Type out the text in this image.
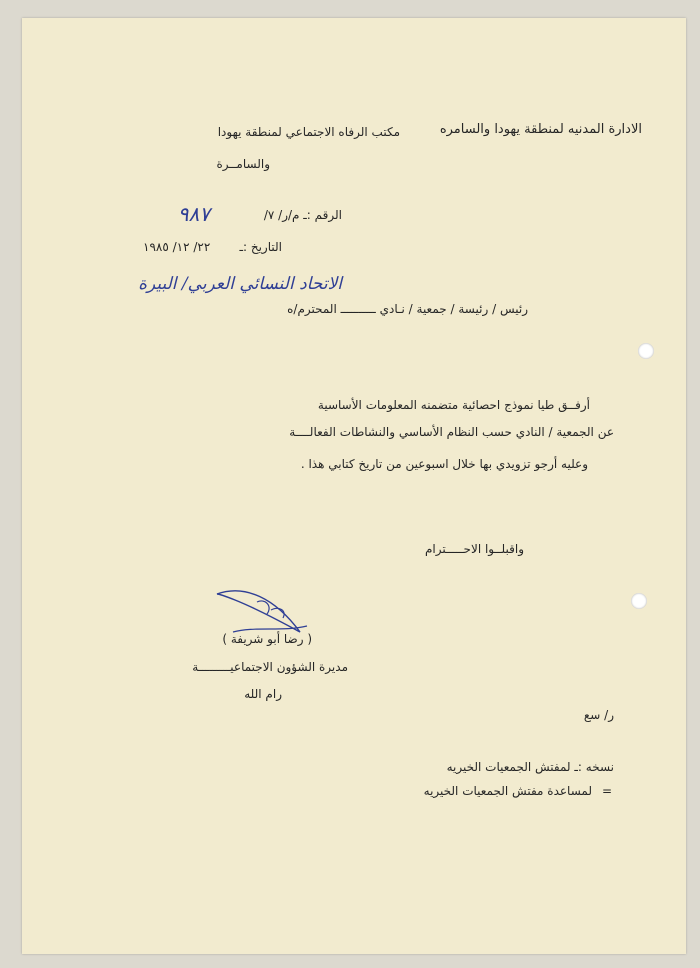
الادارة المدنيه لمنطقة يهودا والسامره
مكتب الرفاه الاجتماعي لمنطقة يهودا
والسامــرة
٩٨٧	الرقم :ـ م/ر/ ٧/
التاريخ :ـ
٢٢/ ١٢/ ١٩٨٥
الاتحاد النسائي العربي/ البيرة
رئيس / رئيسة / جمعية / نـادي ــــــــــ المحترم/ه
أرفــق طيا نموذج احصائية متضمنه المعلومات الأساسية
عن الجمعية / النادي حسب النظام الأساسي والنشاطات الفعالــــة
وعليه أرجو تزويدي بها خلال اسبوعين من تاريخ كتابي هذا .
واقبلــوا الاحـــــترام
( رضا أبو شريفة )
مديرة الشؤون الاجتماعيـــــــــة
رام الله
ر/ سع
نسخه :ـ لمفتش الجمعيات الخيريه
لمساعدة مفتش الجمعيات الخيريه =
